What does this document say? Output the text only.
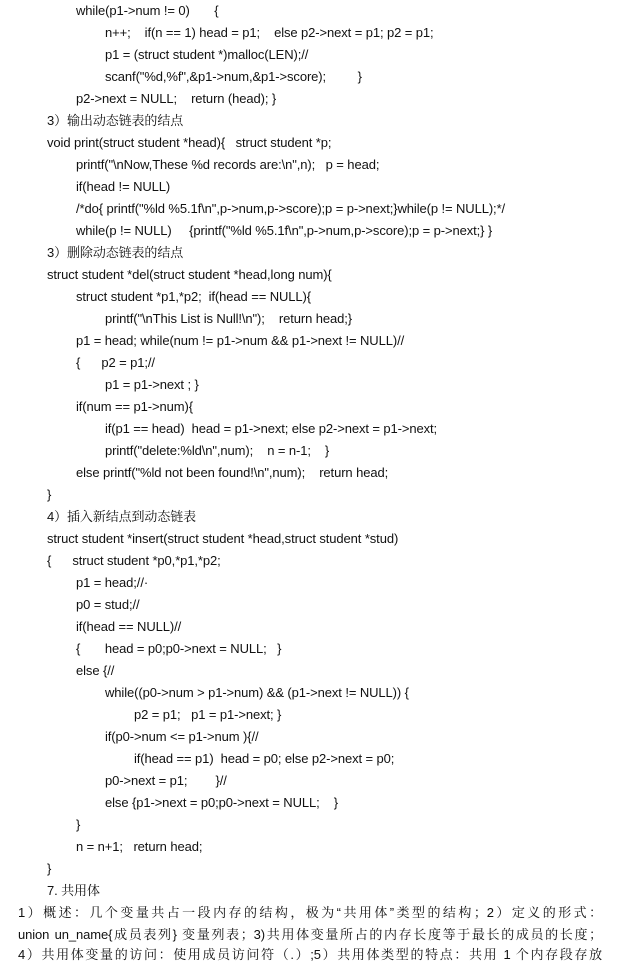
while(p1->num != 0)       {
n++;    if(n == 1) head = p1;    else p2->next = p1; p2 = p1;
p1 = (struct student *)malloc(LEN);//
scanf("%d,%f",&p1->num,&p1->score);         }
p2->next = NULL;    return (head); }
3）输出动态链表的结点
void print(struct student *head){   struct student *p;
printf("\nNow,These %d records are:\n",n);   p = head;
if(head != NULL)
/*do{ printf("%ld %5.1f\n",p->num,p->score);p = p->next;}while(p != NULL);*/
while(p != NULL)     {printf("%ld %5.1f\n",p->num,p->score);p = p->next;} }
3）删除动态链表的结点
struct student *del(struct student *head,long num){
struct student *p1,*p2;  if(head == NULL){
printf("\nThis List is Null!\n");    return head;}
p1 = head; while(num != p1->num && p1->next != NULL)//
{      p2 = p1;//
p1 = p1->next ; }
if(num == p1->num){
if(p1 == head)  head = p1->next; else p2->next = p1->next;
printf("delete:%ld\n",num);    n = n-1;    }
else printf("%ld not been found!\n",num);    return head;
}
4）插入新结点到动态链表
struct student *insert(struct student *head,struct student *stud)
{      struct student *p0,*p1,*p2;
p1 = head;//·
p0 = stud;//
if(head == NULL)//
{       head = p0;p0->next = NULL;   }
else {//
while((p0->num > p1->num) && (p1->next != NULL)) {
p2 = p1;   p1 = p1->next; }
if(p0->num <= p1->num ){//
if(head == p1)  head = p0; else p2->next = p0;
p0->next = p1;        }//
else {p1->next = p0;p0->next = NULL;    }
}
n = n+1;   return head;
}
7. 共用体
1）概述：几个变量共占一段内存的结构，极为“共用体”类型的结构；2）定义的形式：
union un_name{成员表列} 变量列表；3)共用体变量所占的内存长度等于最长的成员的长度；
4）共用体变量的访问：使用成员访问符（.）;5）共用体类型的特点：共用 1 个内存段存放
